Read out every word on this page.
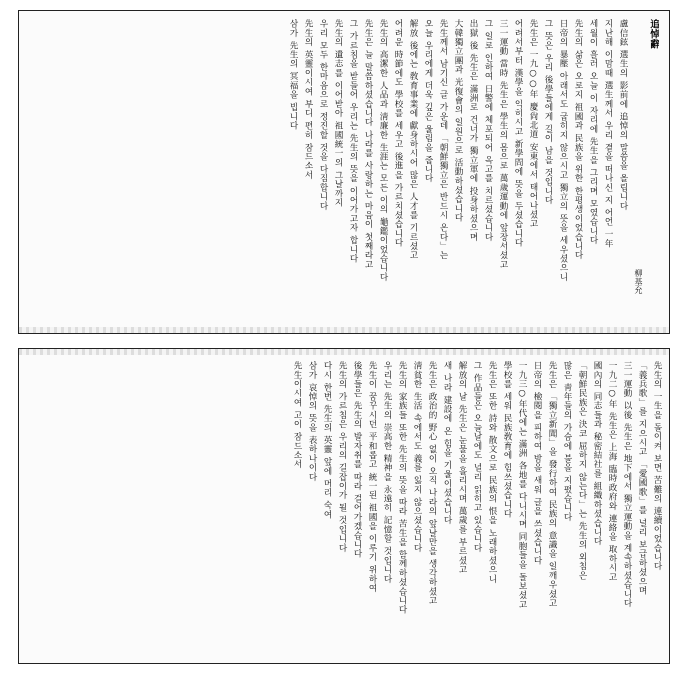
追悼辭
柳基允
盧信鉉 選生의 影前에 追悼의 말씀을 올립니다
지난해 이맘때 選生께서 우리 곁을 떠나신 지 어언 一年
세월이 흘러 오늘 이 자리에 先生을 그리며 모였습니다
先生의 삶은 오로지 祖國과 民族을 위한 한평생이었습니다
日帝의 暴壓 아래서도 굽히지 않으시고 獨立의 뜻을 세우셨으니
그 뜻은 우리 後學들에게 길이 남을 것입니다
先生은 一九○○年 慶尙北道 安東에서 태어나셨고
어려서부터 漢學을 익히시고 新學問에 뜻을 두셨습니다
三一運動 當時 先生은 學生의 몸으로 萬歲運動에 앞장서셨고
그 일로 인하여 日警에 체포되어 옥고를 치르셨습니다
出獄 後 先生은 滿洲로 건너가 獨立軍에 投身하셨으며
大韓獨立團과 光復會의 일원으로 活動하셨습니다
先生께서 남기신 글 가운데 「朝鮮獨立은 반드시 온다」는
오늘 우리에게 더욱 깊은 울림을 줍니다
解放 後에는 敎育事業에 獻身하시어 많은 人才를 기르셨고
어려운 時節에도 學校를 세우고 後進을 가르치셨습니다
先生의 高潔한 人品과 淸廉한 生涯는 모든 이의 龜鑑이었습니다
先生은 늘 말씀하셨습니다 나라를 사랑하는 마음이 첫째라고
그 가르침을 받들어 우리는 先生의 뜻을 이어가고자 합니다
先生의 遺志를 이어받아 祖國統一의 그날까지
우리 모두 한마음으로 정진할 것을 다짐합니다
先生의 英靈이시여 부디 편히 잠드소서
삼가 先生의 冥福을 빕니다
先生의 一生을 돌이켜 보면 苦難의 連續이었습니다
「義兵歌」를 지으시고 「愛國歌」를 널리 보급하셨으며
三一運動 以後 先生은 地下에서 獨立運動을 계속하셨습니다
一九二○年 先生은 上海 臨時政府와 連絡을 取하시고
國內의 同志들과 秘密結社를 組織하셨습니다
「朝鮮民族은 決코 屈하지 않는다」는 先生의 외침은
많은 靑年들의 가슴에 불을 지폈습니다
先生은 「獨立新聞」을 發行하여 民族의 意識을 일깨우셨고
日帝의 檢閱을 피하여 밤을 새워 글을 쓰셨습니다
一九三○年代에는 滿洲 各地를 다니시며 同胞들을 돌보셨고
學校를 세워 民族敎育에 힘쓰셨습니다
先生은 또한 詩와 散文으로 民族의 恨을 노래하셨으니
그 作品들은 오늘날에도 널리 읽히고 있습니다
解放의 날 先生은 눈물을 흘리시며 萬歲를 부르셨고
새 나라 建設에 온 힘을 기울이셨습니다
先生은 政治的 野心 없이 오직 나라의 앞날만을 생각하셨고
淸貧한 生活 속에서도 義를 잃지 않으셨습니다
先生의 家族들 또한 先生의 뜻을 따라 苦生을 함께하셨습니다
우리는 先生의 崇高한 精神을 永遠히 記憶할 것입니다
先生이 꿈꾸시던 平和롭고 統一된 祖國을 이루기 위하여
後學들은 先生의 발자취를 따라 걸어가겠습니다
先生의 가르침은 우리의 길잡이가 될 것입니다
다시 한번 先生의 英靈 앞에 머리 숙여
삼가 哀悼의 뜻을 表하나이다
先生이시여 고이 잠드소서
